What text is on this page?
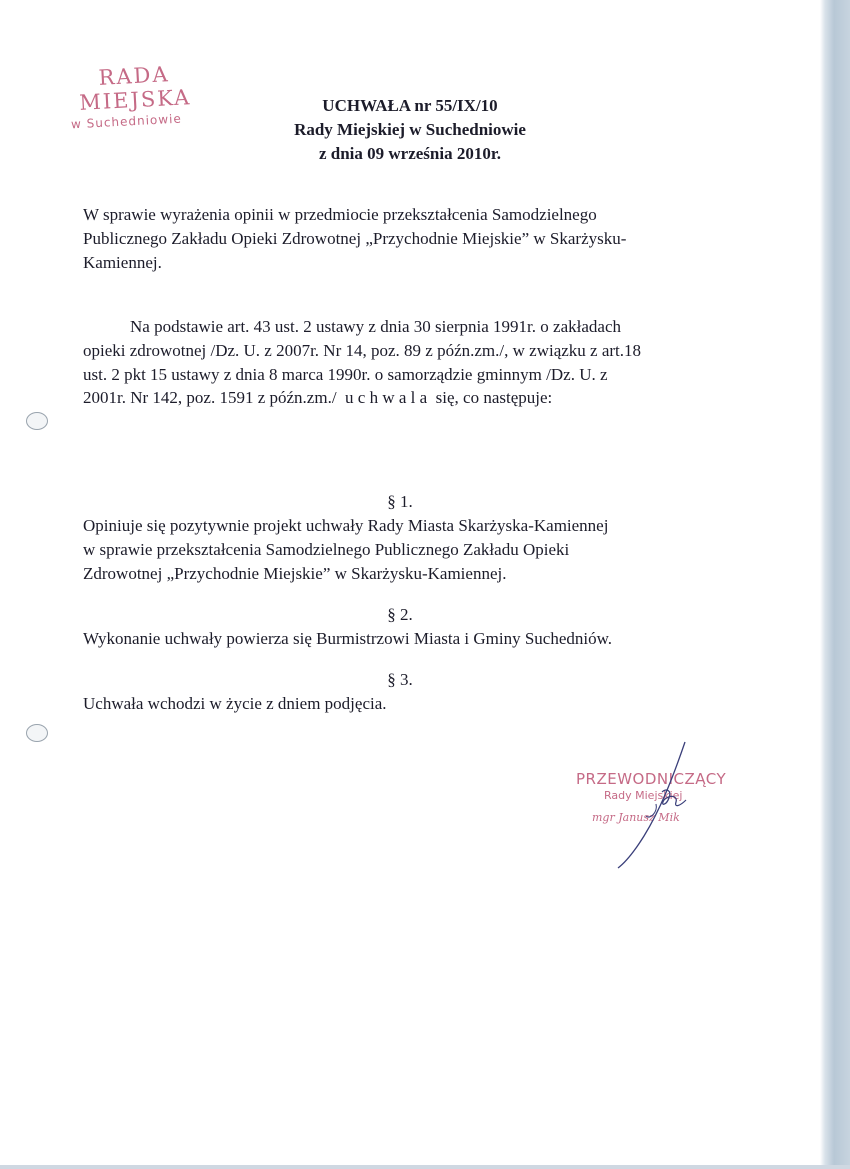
RADA MIEJSKA
w Suchedniowie
UCHWAŁA nr 55/IX/10
Rady Miejskiej w Suchedniowie
z dnia 09 września 2010r.
W sprawie wyrażenia opinii w przedmiocie przekształcenia Samodzielnego
Publicznego Zakładu Opieki Zdrowotnej „Przychodnie Miejskie” w Skarżysku-
Kamiennej.
Na podstawie art. 43 ust. 2 ustawy z dnia 30 sierpnia 1991r. o zakładach
opieki zdrowotnej /Dz. U. z 2007r. Nr 14, poz. 89 z późn.zm./, w związku z art.18
ust. 2 pkt 15 ustawy z dnia 8 marca 1990r. o samorządzie gminnym /Dz. U. z
2001r. Nr 142, poz. 1591 z późn.zm./  u c h w a l a  się, co następuje:
§ 1.
Opiniuje się pozytywnie projekt uchwały Rady Miasta Skarżyska-Kamiennej
w sprawie przekształcenia Samodzielnego Publicznego Zakładu Opieki
Zdrowotnej „Przychodnie Miejskie” w Skarżysku-Kamiennej.
§ 2.
Wykonanie uchwały powierza się Burmistrzowi Miasta i Gminy Suchedniów.
§ 3.
Uchwała wchodzi w życie z dniem podjęcia.
PRZEWODNICZĄCY
Rady Miejskiej
mgr Janusz Mik
